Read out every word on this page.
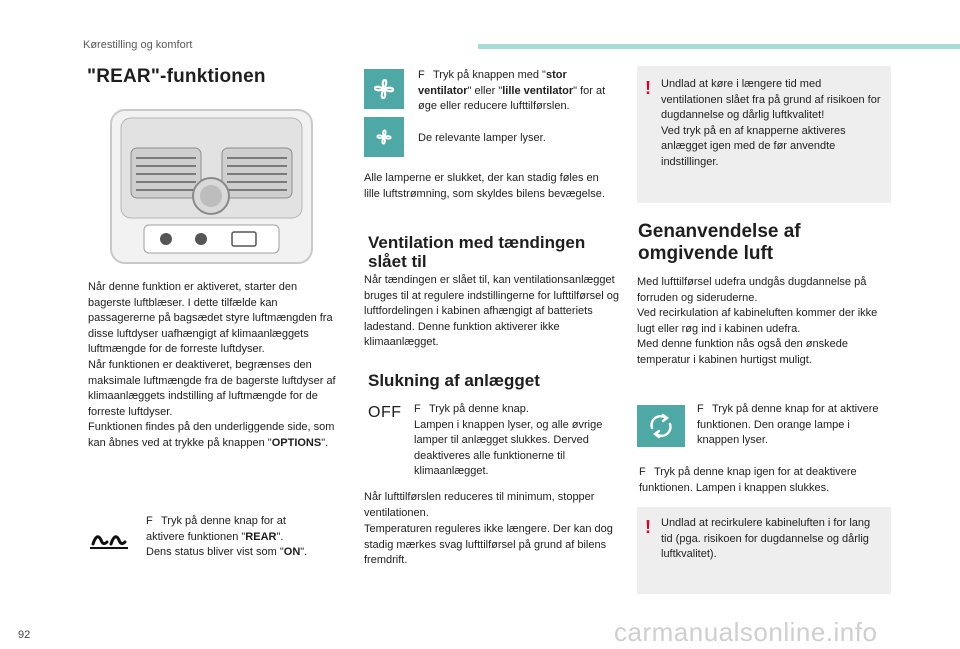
Kørestilling og komfort
"REAR"-funktionen
Når denne funktion er aktiveret, starter den bagerste luftblæser. I dette tilfælde kan passagererne på bagsædet styre luftmængden fra disse luftdyser uafhængigt af klimaanlæggets luftmængde for de forreste luftdyser.
Når funktionen er deaktiveret, begrænses den maksimale luftmængde fra de bagerste luftdyser af klimaanlæggets indstilling af luftmængde for de forreste luftdyser.
Funktionen findes på den underliggende side, som kan åbnes ved at trykke på knappen "OPTIONS".
F Tryk på denne knap for at aktivere funktionen "REAR".
Dens status bliver vist som "ON".
F Tryk på knappen med "stor ventilator" eller "lille ventilator" for at øge eller reducere lufttilførslen.
De relevante lamper lyser.
Alle lamperne er slukket, der kan stadig føles en lille luftstrømning, som skyldes bilens bevægelse.
Ventilation med tændingen slået til
Når tændingen er slået til, kan ventilationsanlægget bruges til at regulere indstillingerne for lufttilførsel og luftfordelingen i kabinen afhængigt af batteriets ladestand. Denne funktion aktiverer ikke klimaanlægget.
Slukning af anlægget
OFF F Tryk på denne knap.
Lampen i knappen lyser, og alle øvrige lamper til anlægget slukkes. Derved deaktiveres alle funktionerne til klimaanlægget.
Når lufttilførslen reduceres til minimum, stopper ventilationen.
Temperaturen reguleres ikke længere. Der kan dog stadig mærkes svag lufttilførsel på grund af bilens fremdrift.
! Undlad at køre i længere tid med ventilationen slået fra på grund af risikoen for dugdannelse og dårlig luftkvalitet!
Ved tryk på en af knapperne aktiveres anlægget igen med de før anvendte indstillinger.
Genanvendelse af omgivende luft
Med lufttilførsel udefra undgås dugdannelse på forruden og sideruderne.
Ved recirkulation af kabineluften kommer der ikke lugt eller røg ind i kabinen udefra.
Med denne funktion nås også den ønskede temperatur i kabinen hurtigst muligt.
F Tryk på denne knap for at aktivere funktionen. Den orange lampe i knappen lyser.
F Tryk på denne knap igen for at deaktivere funktionen. Lampen i knappen slukkes.
! Undlad at recirkulere kabineluften i for lang tid (pga. risikoen for dugdannelse og dårlig luftkvalitet).
92	carmanualsonline.info
